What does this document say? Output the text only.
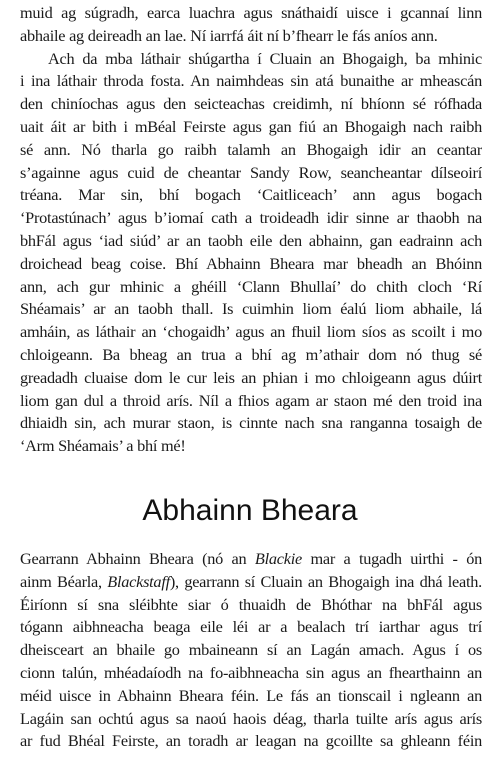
muid ag súgradh, earca luachra agus snáthaidí uisce i gcannaí linn
abhaile ag deireadh an lae. Ní iarrfá áit ní b’fhearr le fás aníos ann.
Ach da mba láthair shúgartha í Cluain an Bhogaigh, ba mhinic
i ina láthair throda fosta. An naimhdeas sin atá bunaithe ar mheascán
den chiníochas agus den seicteachas creidimh, ní bhíonn sé rófhada
uait áit ar bith i mBéal Feirste agus gan fiú an Bhogaigh nach raibh
sé ann. Nó tharla go raibh talamh an Bhogaigh idir an ceantar
s’againne agus cuid de cheantar Sandy Row, seancheantar dílseoirí
tréana. Mar sin, bhí bogach ‘Caitliceach’ ann agus bogach
‘Protastúnach’ agus b’iomaí cath a troideadh idir sinne ar thaobh na
bhFál agus ‘iad siúd’ ar an taobh eile den abhainn, gan eadrainn ach
droichead beag coise. Bhí Abhainn Bheara mar bheadh an Bhóinn
ann, ach gur mhinic a ghéill ‘Clann Bhullaí’ do chith cloch ‘Rí
Shéamais’ ar an taobh thall. Is cuimhin liom éalú liom abhaile, lá
amháin, as láthair an ‘chogaidh’ agus an fhuil liom síos as scoilt i mo
chloigeann. Ba bheag an trua a bhí ag m’athair dom nó thug sé
greadadh cluaise dom le cur leis an phian i mo chloigeann agus dúirt
liom gan dul a throid arís. Níl a fhios agam ar staon mé den troid ina
dhiaidh sin, ach murar staon, is cinnte nach sna ranganna tosaigh de
‘Arm Shéamais’ a bhí mé!
Abhainn Bheara
Gearrann Abhainn Bheara (nó an Blackie mar a tugadh uirthi - ón
ainm Béarla, Blackstaff), gearrann sí Cluain an Bhogaigh ina dhá leath.
Éiríonn sí sna sléibhte siar ó thuaidh de Bhóthar na bhFál agus
tógann aibhneacha beaga eile léi ar a bealach trí iarthar agus trí
dheisceart an bhaile go mbaineann sí an Lagán amach. Agus í os
cionn talún, mhéadaíodh na fo-aibhneacha sin agus an fhearthainn an
méid uisce in Abhainn Bheara féin. Le fás an tionscail i ngleann an
Lagáin san ochtú agus sa naoú haois déag, tharla tuilte arís agus arís
ar fud Bhéal Feirste, an toradh ar leagan na gcoillte sa ghleann féin
